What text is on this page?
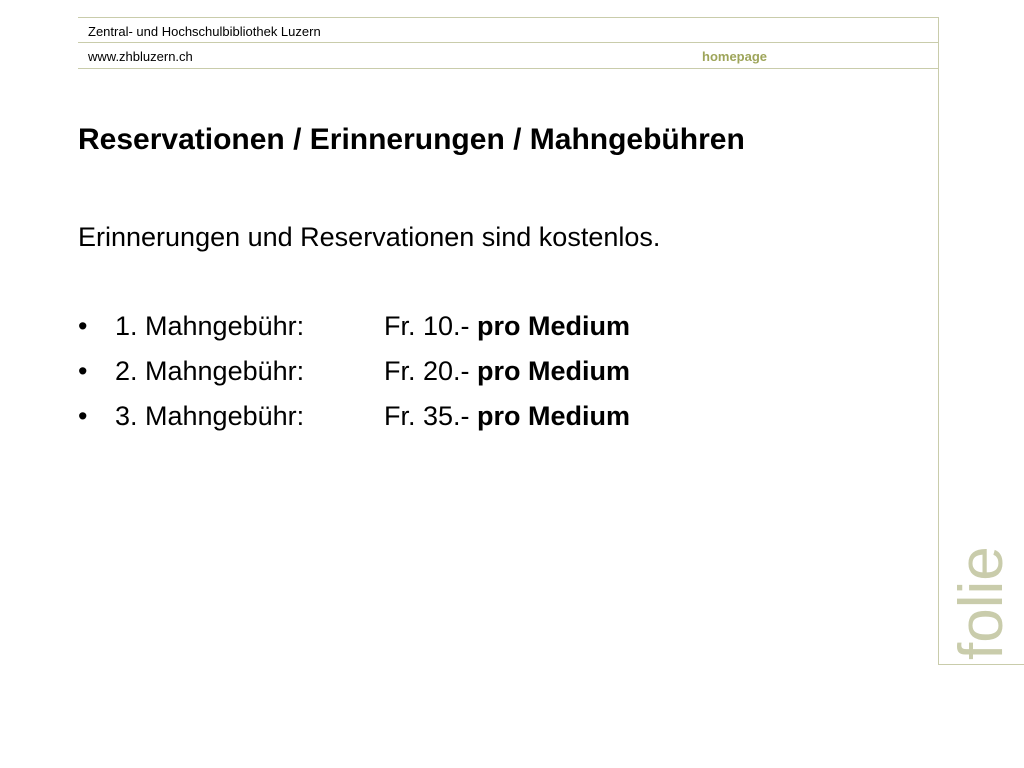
Zentral- und Hochschulbibliothek Luzern
www.zhbluzern.ch	homepage
Reservationen / Erinnerungen / Mahngebühren

Erinnerungen und Reservationen sind kostenlos.

• 1. Mahngebühr:	Fr. 10.- pro Medium
• 2. Mahngebühr:	Fr. 20.- pro Medium
• 3. Mahngebühr:	Fr. 35.- pro Medium
folie
